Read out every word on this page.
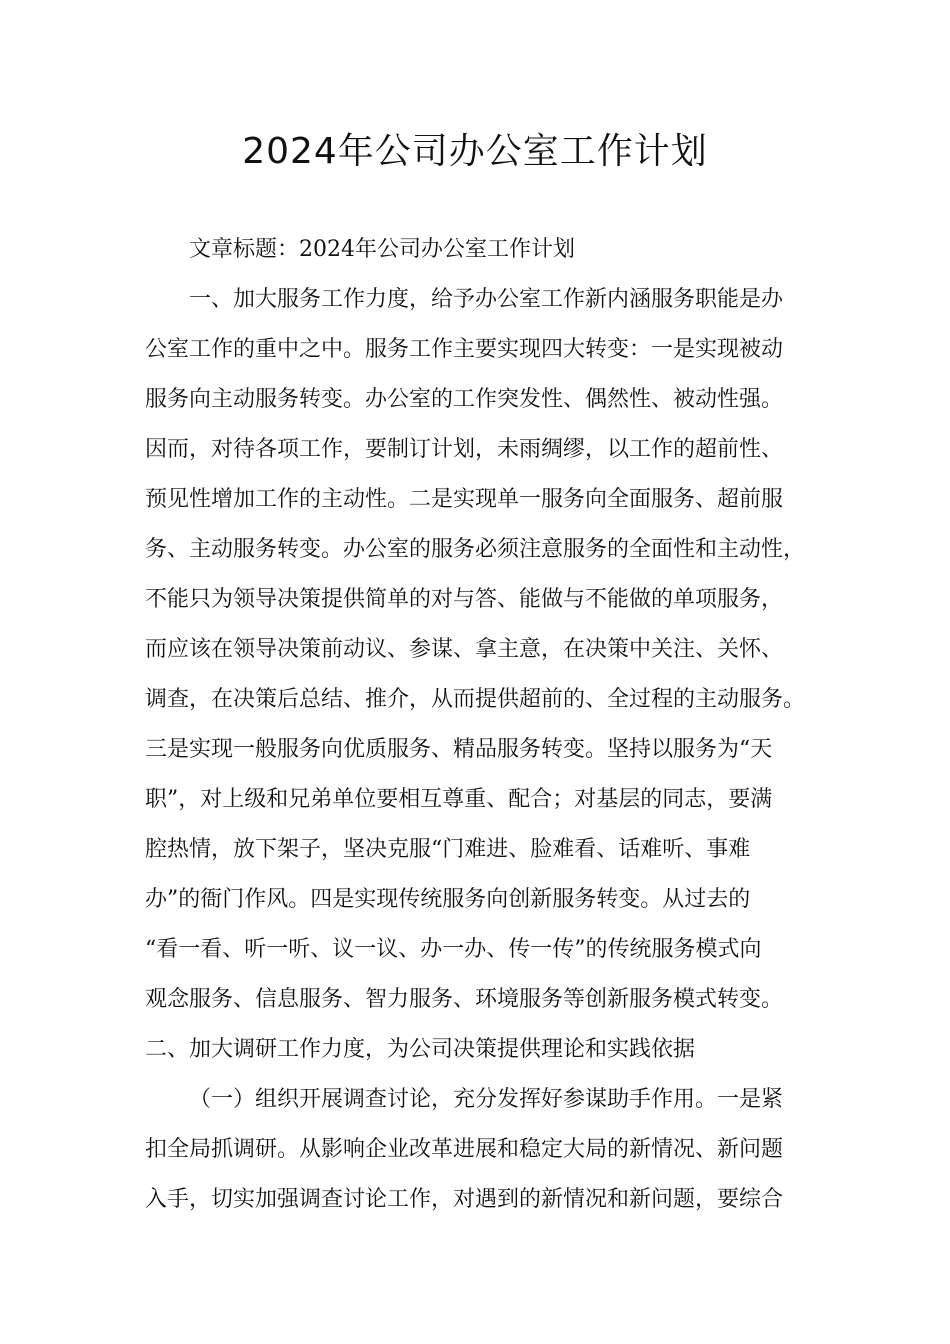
2024年公司办公室工作计划

文章标题：2024年公司办公室工作计划

一、加大服务工作力度，给予办公室工作新内涵服务职能是办

公室工作的重中之中。服务工作主要实现四大转变：一是实现被动

服务向主动服务转变。办公室的工作突发性、偶然性、被动性强。

因而，对待各项工作，要制订计划，未雨绸缪，以工作的超前性、

预见性增加工作的主动性。二是实现单一服务向全面服务、超前服

务、主动服务转变。办公室的服务必须注意服务的全面性和主动性，

不能只为领导决策提供简单的对与答、能做与不能做的单项服务，

而应该在领导决策前动议、参谋、拿主意，在决策中关注、关怀、

调查，在决策后总结、推介，从而提供超前的、全过程的主动服务。

三是实现一般服务向优质服务、精品服务转变。坚持以服务为“天

职”，对上级和兄弟单位要相互尊重、配合；对基层的同志，要满

腔热情，放下架子，坚决克服“门难进、脸难看、话难听、事难

办”的衙门作风。四是实现传统服务向创新服务转变。从过去的

“看一看、听一听、议一议、办一办、传一传”的传统服务模式向

观念服务、信息服务、智力服务、环境服务等创新服务模式转变。

二、加大调研工作力度，为公司决策提供理论和实践依据

（一）组织开展调查讨论，充分发挥好参谋助手作用。一是紧

扣全局抓调研。从影响企业改革进展和稳定大局的新情况、新问题

入手，切实加强调查讨论工作，对遇到的新情况和新问题，要综合
